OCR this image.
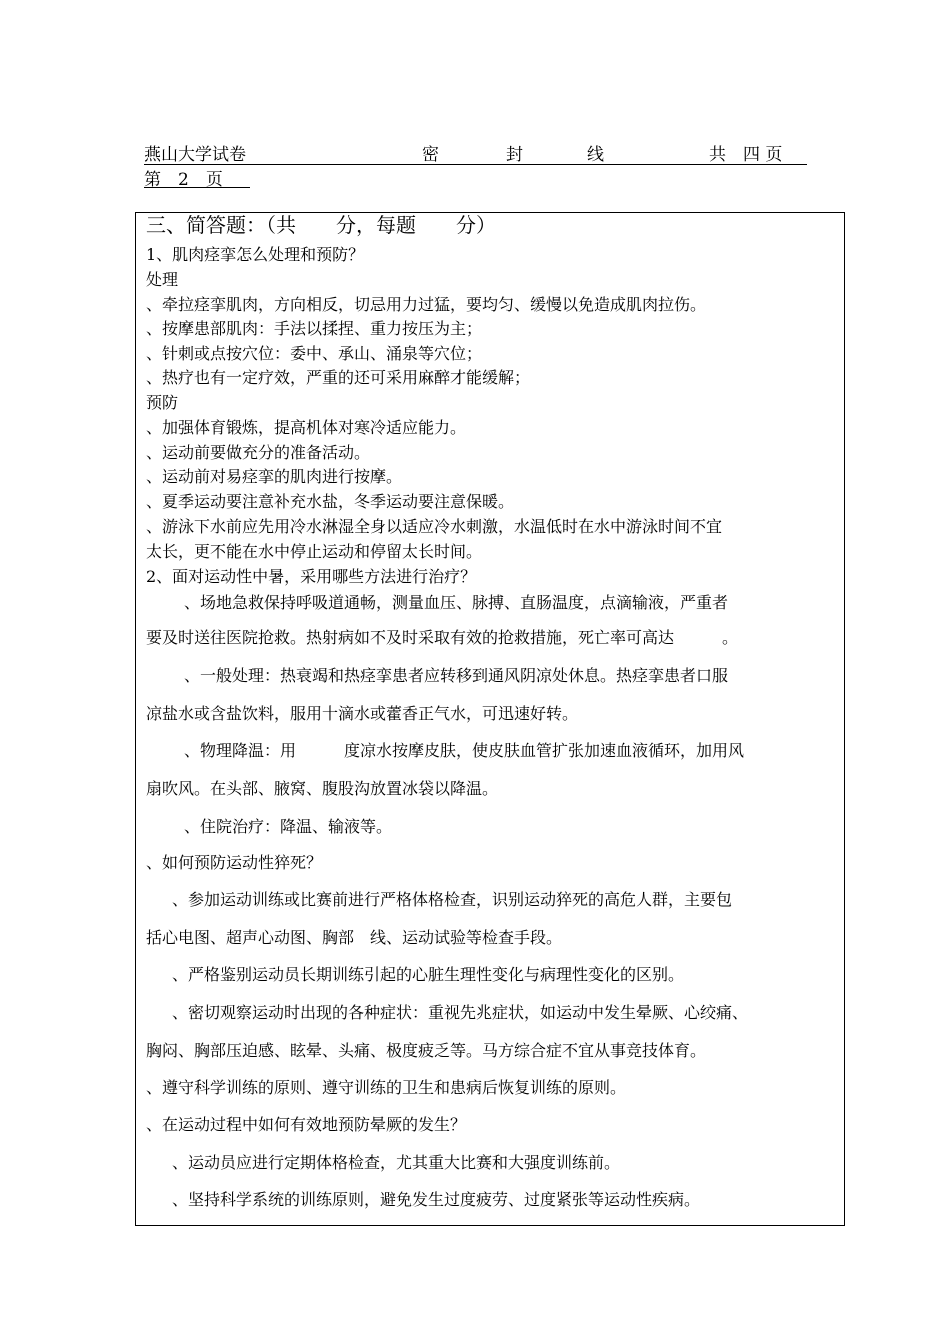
燕山大学试卷	密	封	线	共　四 页
第　2　页
三、简答题：（共　　分，每题　　分）
1、肌肉痉挛怎么处理和预防？
处理
、牵拉痉挛肌肉，方向相反，切忌用力过猛，要均匀、缓慢以免造成肌肉拉伤。
、按摩患部肌肉：手法以揉捏、重力按压为主；
、针刺或点按穴位：委中、承山、涌泉等穴位；
、热疗也有一定疗效，严重的还可采用麻醉才能缓解；
预防
、加强体育锻炼，提高机体对寒冷适应能力。
、运动前要做充分的准备活动。
、运动前对易痉挛的肌肉进行按摩。
、夏季运动要注意补充水盐，冬季运动要注意保暖。
、游泳下水前应先用冷水淋湿全身以适应冷水刺激，水温低时在水中游泳时间不宜
太长，更不能在水中停止运动和停留太长时间。
2、面对运动性中暑，采用哪些方法进行治疗？
、场地急救保持呼吸道通畅，测量血压、脉搏、直肠温度，点滴输液，严重者
要及时送往医院抢救。热射病如不及时采取有效的抢救措施，死亡率可高达　　　。
、一般处理：热衰竭和热痉挛患者应转移到通风阴凉处休息。热痉挛患者口服
凉盐水或含盐饮料，服用十滴水或藿香正气水，可迅速好转。
、物理降温：用　　　度凉水按摩皮肤，使皮肤血管扩张加速血液循环，加用风
扇吹风。在头部、腋窝、腹股沟放置冰袋以降温。
、住院治疗：降温、输液等。
、如何预防运动性猝死？
、参加运动训练或比赛前进行严格体格检查，识别运动猝死的高危人群，主要包
括心电图、超声心动图、胸部　线、运动试验等检查手段。
、严格鉴别运动员长期训练引起的心脏生理性变化与病理性变化的区别。
、密切观察运动时出现的各种症状：重视先兆症状，如运动中发生晕厥、心绞痛、
胸闷、胸部压迫感、眩晕、头痛、极度疲乏等。马方综合症不宜从事竞技体育。
、遵守科学训练的原则、遵守训练的卫生和患病后恢复训练的原则。
、在运动过程中如何有效地预防晕厥的发生？
、运动员应进行定期体格检查，尤其重大比赛和大强度训练前。
、坚持科学系统的训练原则，避免发生过度疲劳、过度紧张等运动性疾病。
